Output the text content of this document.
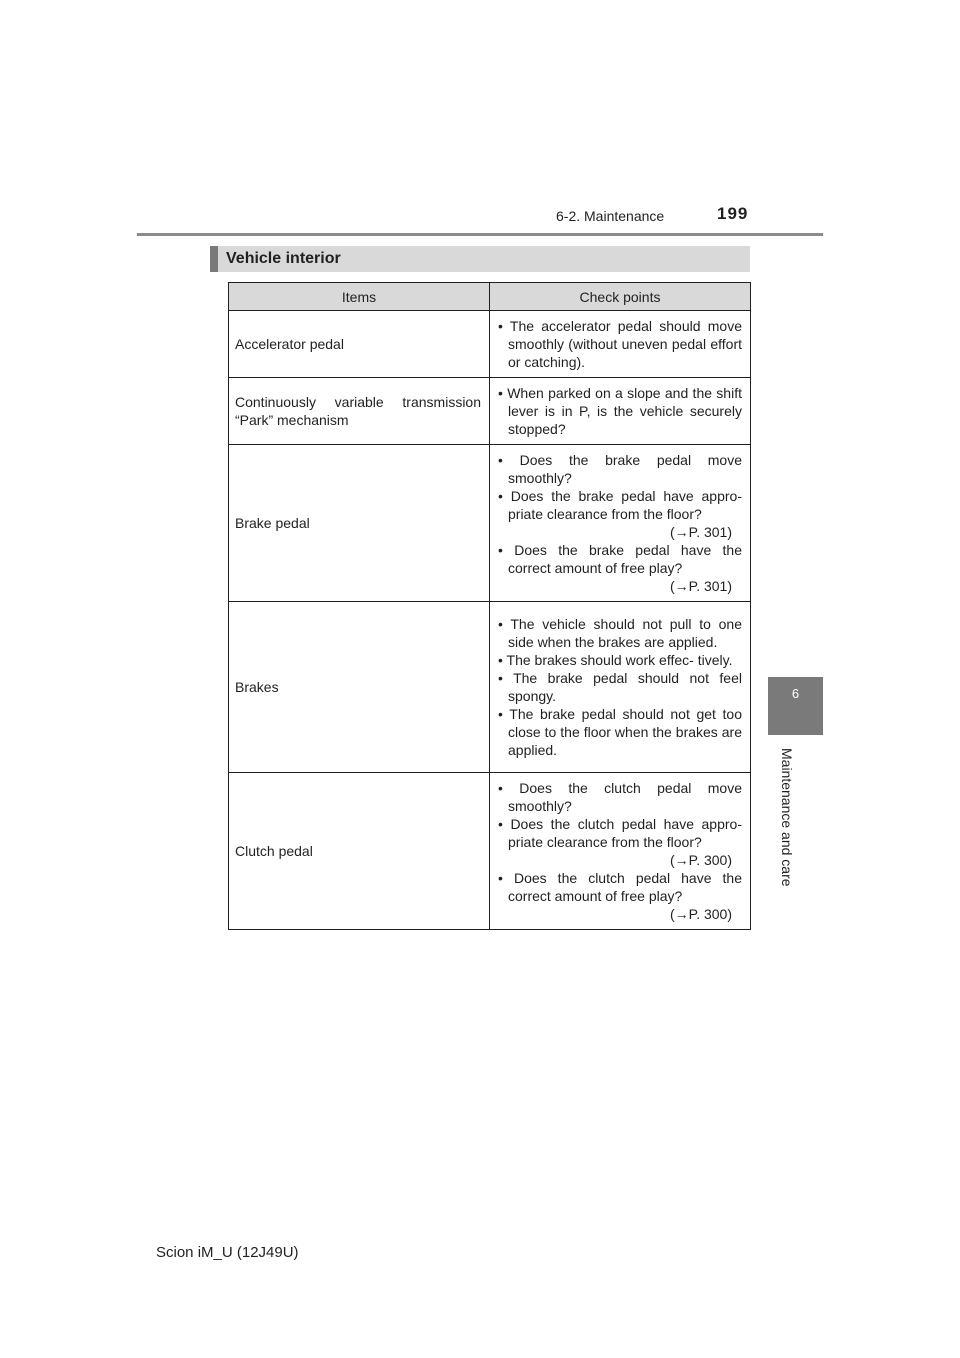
6-2. Maintenance	199
6
Maintenance and care
Vehicle interior
Items	Check points
Accelerator pedal	• The accelerator pedal should move smoothly (without uneven pedal effort or catching).

Continuously variable transmission “Park” mechanism	• When parked on a slope and the shift lever is in P, is the vehicle securely stopped?

Brake pedal	• Does the brake pedal move smoothly?
• Does the brake pedal have appro- priate clearance from the floor?
(→P. 301)
• Does the brake pedal have the correct amount of free play?
(→P. 301)

Brakes	• The vehicle should not pull to one side when the brakes are applied.
• The brakes should work effec- tively.
• The brake pedal should not feel spongy.
• The brake pedal should not get too close to the floor when the brakes are applied.

Clutch pedal	• Does the clutch pedal move smoothly?
• Does the clutch pedal have appro- priate clearance from the floor?
(→P. 300)
• Does the clutch pedal have the correct amount of free play?
(→P. 300)
Scion iM_U (12J49U)
